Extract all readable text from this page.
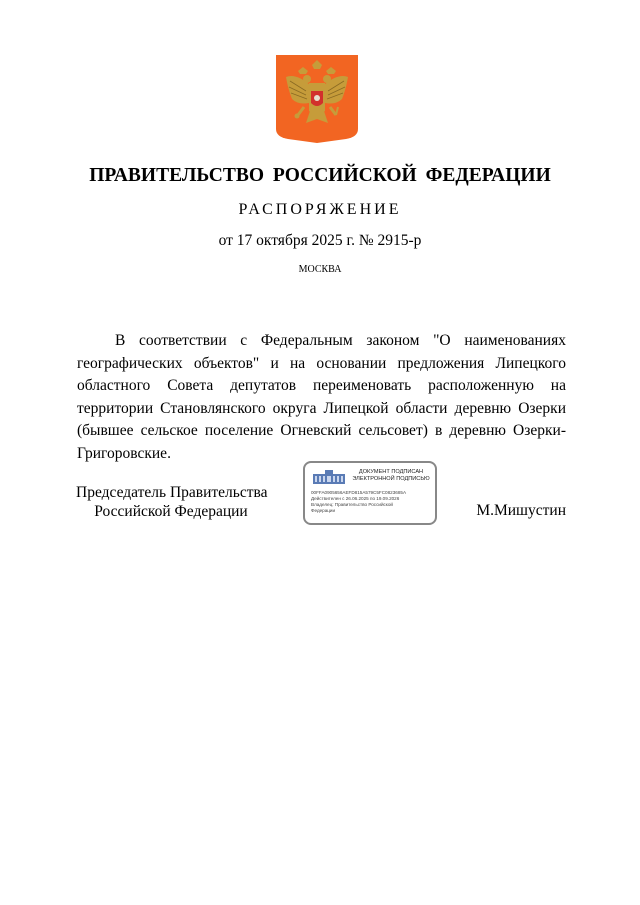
ПРАВИТЕЛЬСТВО РОССИЙСКОЙ ФЕДЕРАЦИИ
РАСПОРЯЖЕНИЕ
от 17 октября 2025 г. № 2915-р
МОСКВА

В соответствии с Федеральным законом "О наименованиях географических объектов" и на основании предложения Липецкого областного Совета депутатов переименовать расположенную на территории Становлянского округа Липецкой области деревню Озерки (бывшее сельское поселение Огневский сельсовет) в деревню Озерки-Григоровские.

Председатель Правительства
Российской Федерации
ДОКУМЕНТ ПОДПИСАН
ЭЛЕКТРОННОЙ ПОДПИСЬЮ
00FFA0905656AEFD815A579C5FC0823685A
Действителен с 26.06.2025 по 19.09.2026
Владелец: Правительство Российской
Федерации	М.Мишустин
